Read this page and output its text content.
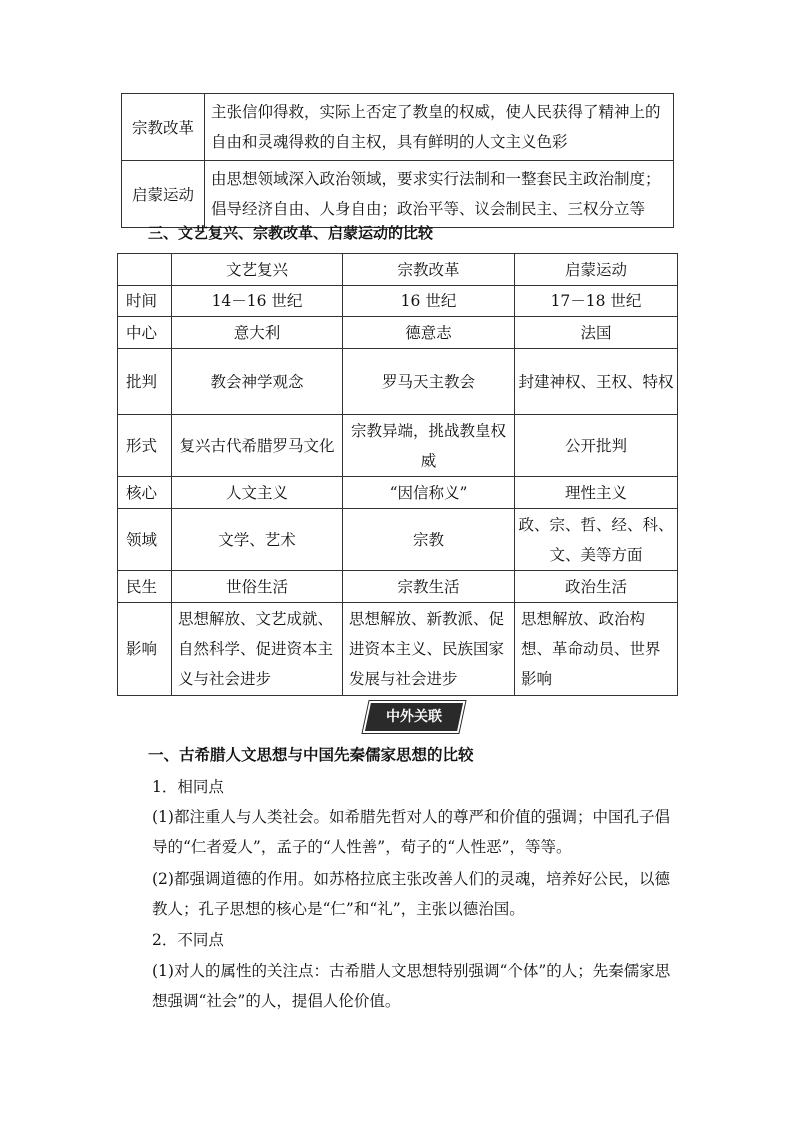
宗教改革	主张信仰得救，实际上否定了教皇的权威，使人民获得了精神上的自由和灵魂得救的自主权，具有鲜明的人文主义色彩
启蒙运动	由思想领域深入政治领域，要求实行法制和一整套民主政治制度；倡导经济自由、人身自由；政治平等、议会制民主、三权分立等
三、文艺复兴、宗教改革、启蒙运动的比较
	文艺复兴	宗教改革	启蒙运动
时间	14－16 世纪	16 世纪	17－18 世纪
中心	意大利	德意志	法国
批判	教会神学观念	罗马天主教会	封建神权、王权、特权
形式	复兴古代希腊罗马文化	宗教异端，挑战教皇权威	公开批判
核心	人文主义	“因信称义”	理性主义
领域	文学、艺术	宗教	政、宗、哲、经、科、文、美等方面
民生	世俗生活	宗教生活	政治生活
影响	思想解放、文艺成就、自然科学、促进资本主义与社会进步	思想解放、新教派、促进资本主义、民族国家发展与社会进步	思想解放、政治构想、革命动员、世界影响
中外关联
一、古希腊人文思想与中国先秦儒家思想的比较
1．相同点
(1)都注重人与人类社会。如希腊先哲对人的尊严和价值的强调；中国孔子倡导的“仁者爱人”，孟子的“人性善”，荀子的“人性恶”，等等。
(2)都强调道德的作用。如苏格拉底主张改善人们的灵魂，培养好公民，以德教人；孔子思想的核心是“仁”和“礼”，主张以德治国。
2．不同点
(1)对人的属性的关注点：古希腊人文思想特别强调“个体”的人；先秦儒家思想强调“社会”的人，提倡人伦价值。
